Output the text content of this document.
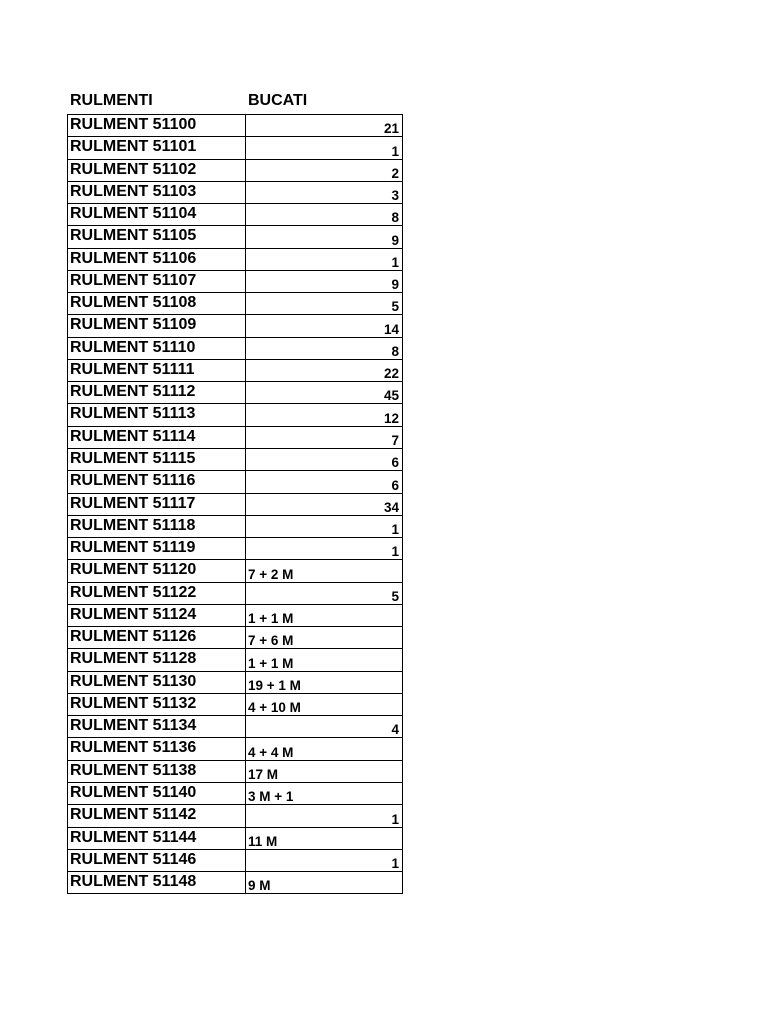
RULMENTI	BUCATI
RULMENT 51100	21
RULMENT 51101	1
RULMENT 51102	2
RULMENT 51103	3
RULMENT 51104	8
RULMENT 51105	9
RULMENT 51106	1
RULMENT 51107	9
RULMENT 51108	5
RULMENT 51109	14
RULMENT 51110	8
RULMENT 51111	22
RULMENT 51112	45
RULMENT 51113	12
RULMENT 51114	7
RULMENT 51115	6
RULMENT 51116	6
RULMENT 51117	34
RULMENT 51118	1
RULMENT 51119	1
RULMENT 51120	7 + 2 M
RULMENT 51122	5
RULMENT 51124	1 + 1 M
RULMENT 51126	7 + 6 M
RULMENT 51128	1 + 1 M
RULMENT 51130	19 + 1 M
RULMENT 51132	4 + 10 M
RULMENT 51134	4
RULMENT 51136	4 + 4 M
RULMENT 51138	17 M
RULMENT 51140	3 M + 1
RULMENT 51142	1
RULMENT 51144	11 M
RULMENT 51146	1
RULMENT 51148	9 M
